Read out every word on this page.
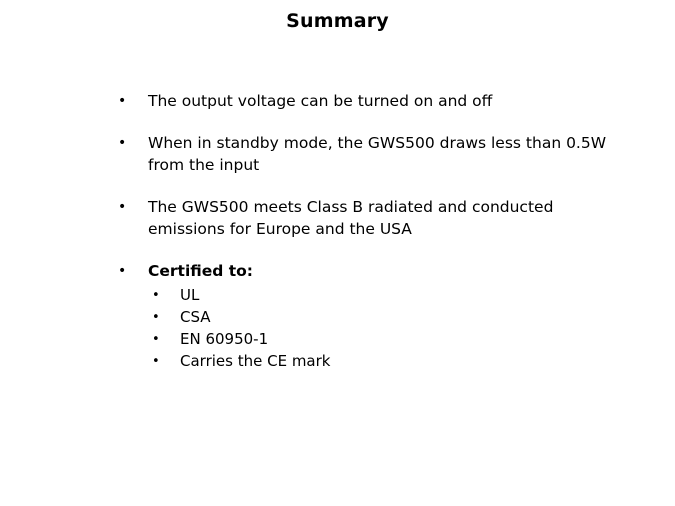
Summary
•	The output voltage can be turned on and off
•	When in standby mode, the GWS500 draws less than 0.5W from the input
•	The GWS500 meets Class B radiated and conducted emissions for Europe and the USA
•	Certified to:
•	UL
•	CSA
•	EN 60950-1
•	Carries the CE mark
